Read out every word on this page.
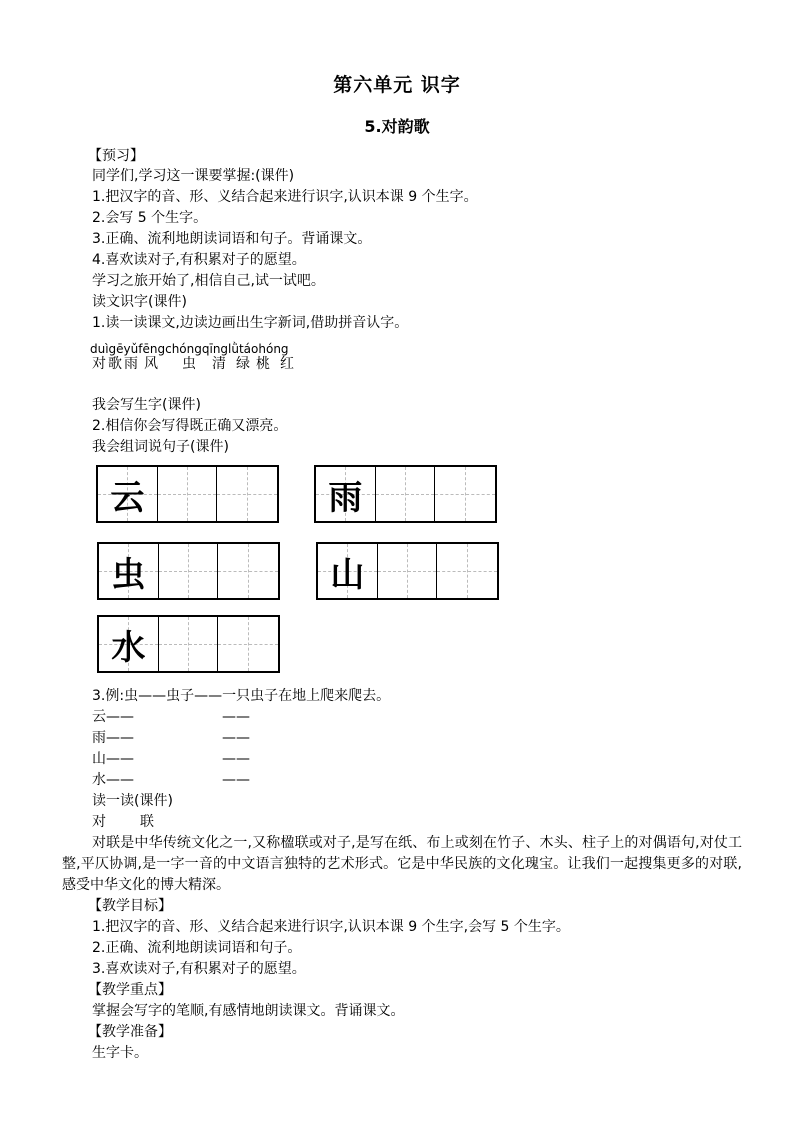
第六单元 识字
5.对韵歌
【预习】
同学们,学习这一课要掌握:(课件)
1.把汉字的音、形、义结合起来进行识字,认识本课 9 个生字。
2.会写 5 个生字。
3.正确、流利地朗读词语和句子。背诵课文。
4.喜欢读对子,有积累对子的愿望。
学习之旅开始了,相信自己,试一试吧。
读文识字(课件)
1.读一读课文,边读边画出生字新词,借助拼音认字。
duìgēyǔfēngchóngqīnglǜtáohóng
对 歌 雨 风 虫 清 绿 桃 红
我会写生字(课件)
2.相信你会写得既正确又漂亮。
我会组词说句子(课件)
云	雨
虫	山
水
3.例:虫——虫子——一只虫子在地上爬来爬去。
云——	——
雨——	——
山——	——
水——	——
读一读(课件)
对 联
对联是中华传统文化之一,又称楹联或对子,是写在纸、布上或刻在竹子、木头、柱子上的对偶语句,对仗工整,平仄协调,是一字一音的中文语言独特的艺术形式。它是中华民族的文化瑰宝。让我们一起搜集更多的对联,感受中华文化的博大精深。
【教学目标】
1.把汉字的音、形、义结合起来进行识字,认识本课 9 个生字,会写 5 个生字。
2.正确、流利地朗读词语和句子。
3.喜欢读对子,有积累对子的愿望。
【教学重点】
掌握会写字的笔顺,有感情地朗读课文。背诵课文。
【教学准备】
生字卡。
